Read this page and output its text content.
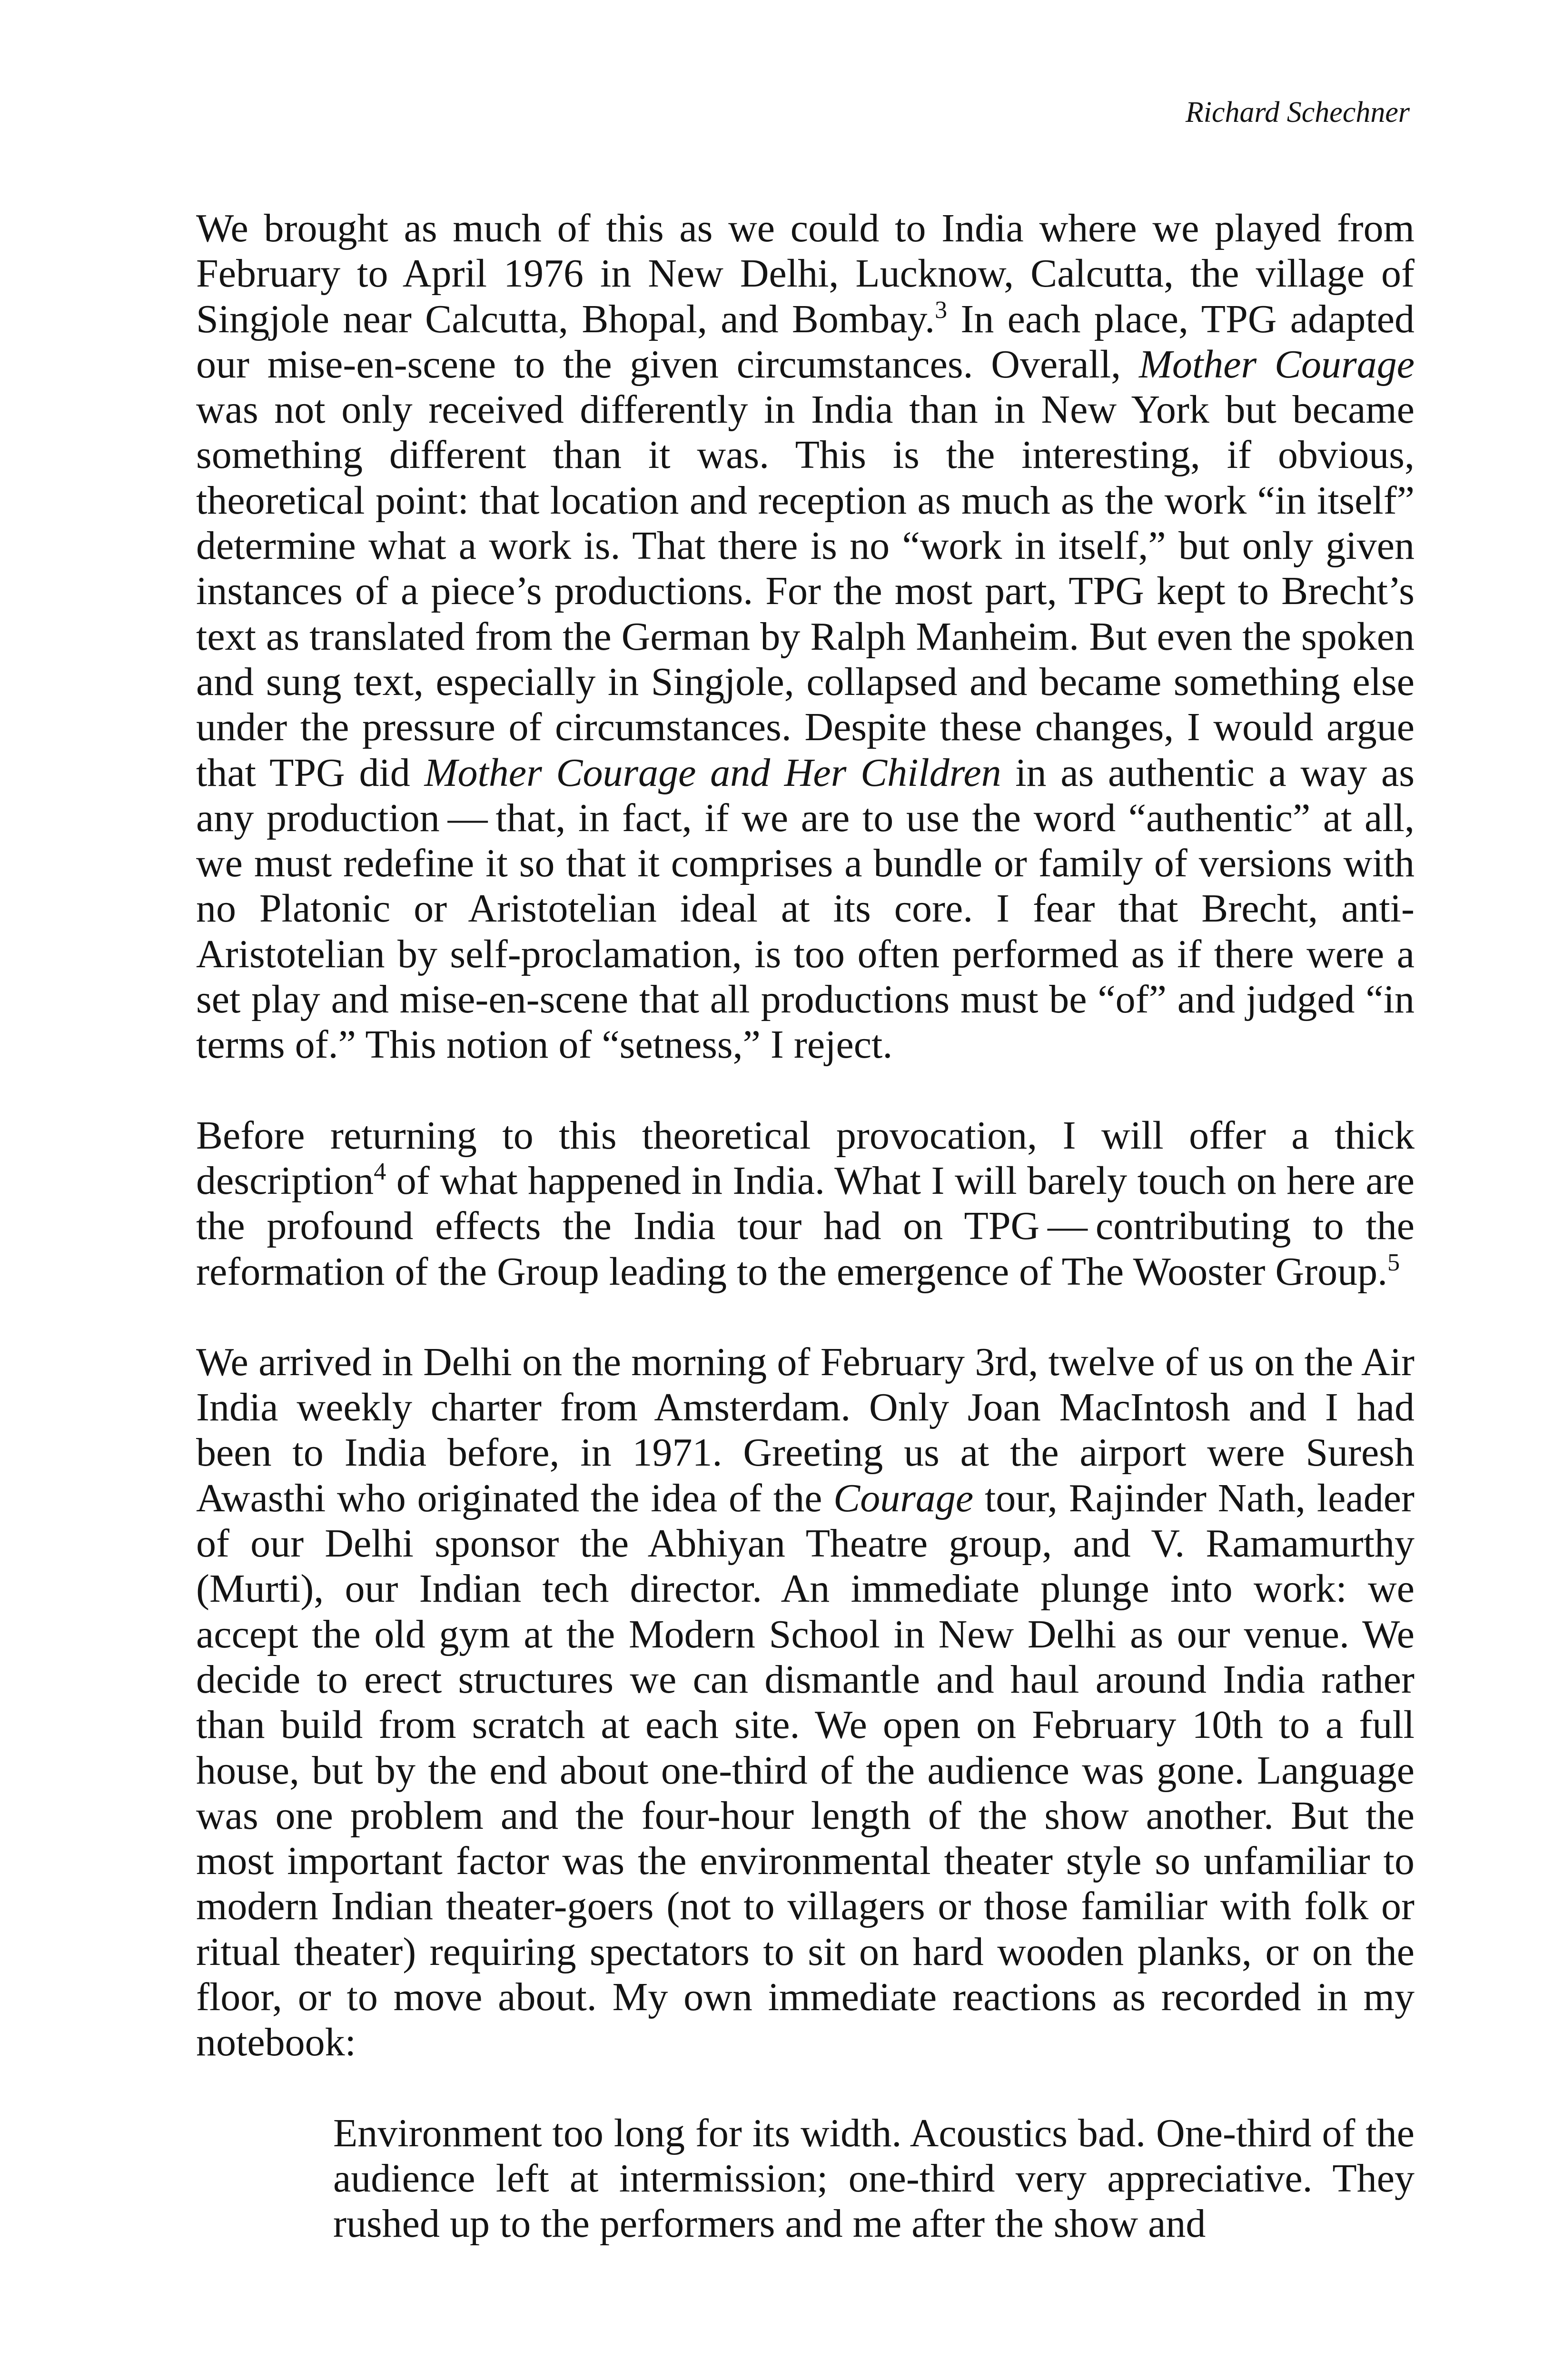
Richard Schechner

We brought as much of this as we could to India where we played from February to April 1976 in New Delhi, Lucknow, Calcutta, the village of Singjole near Calcutta, Bhopal, and Bombay.$^3$ In each place, TPG adapted our mise-en-scene to the given circumstances. Overall, Mother Courage was not only received differently in India than in New York but became something different than it was. This is the interesting, if obvious, theoretical point: that location and reception as much as the work “in itself” determine what a work is. That there is no “work in itself,” but only given instances of a piece’s productions. For the most part, TPG kept to Brecht’s text as translated from the German by Ralph Manheim. But even the spoken and sung text, especially in Singjole, collapsed and became something else under the pressure of circumstances. Despite these changes, I would argue that TPG did Mother Courage and Her Children in as authentic a way as any production — that, in fact, if we are to use the word “authentic” at all, we must redefine it so that it comprises a bundle or family of versions with no Platonic or Aristotelian ideal at its core. I fear that Brecht, anti-Aristotelian by self-proclamation, is too often performed as if there were a set play and mise-en-scene that all productions must be “of” and judged “in terms of.” This notion of “setness,” I reject.

Before returning to this theoretical provocation, I will offer a thick description$^4$ of what happened in India. What I will barely touch on here are the profound effects the India tour had on TPG — contributing to the reformation of the Group leading to the emergence of The Wooster Group.$^5$

We arrived in Delhi on the morning of February 3rd, twelve of us on the Air India weekly charter from Amsterdam. Only Joan MacIntosh and I had been to India before, in 1971. Greeting us at the airport were Suresh Awasthi who originated the idea of the Courage tour, Rajinder Nath, leader of our Delhi sponsor the Abhiyan Theatre group, and V. Ramamurthy (Murti), our Indian tech director. An immediate plunge into work: we accept the old gym at the Modern School in New Delhi as our venue. We decide to erect structures we can dismantle and haul around India rather than build from scratch at each site. We open on February 10th to a full house, but by the end about one-third of the audience was gone. Language was one problem and the four-hour length of the show another. But the most important factor was the environmental theater style so unfamiliar to modern Indian theater-goers (not to villagers or those familiar with folk or ritual theater) requiring spectators to sit on hard wooden planks, or on the floor, or to move about. My own immediate reactions as recorded in my notebook:

Environment too long for its width. Acoustics bad. One-third of the audience left at intermission; one-third very appreciative. They rushed up to the performers and me after the show and
